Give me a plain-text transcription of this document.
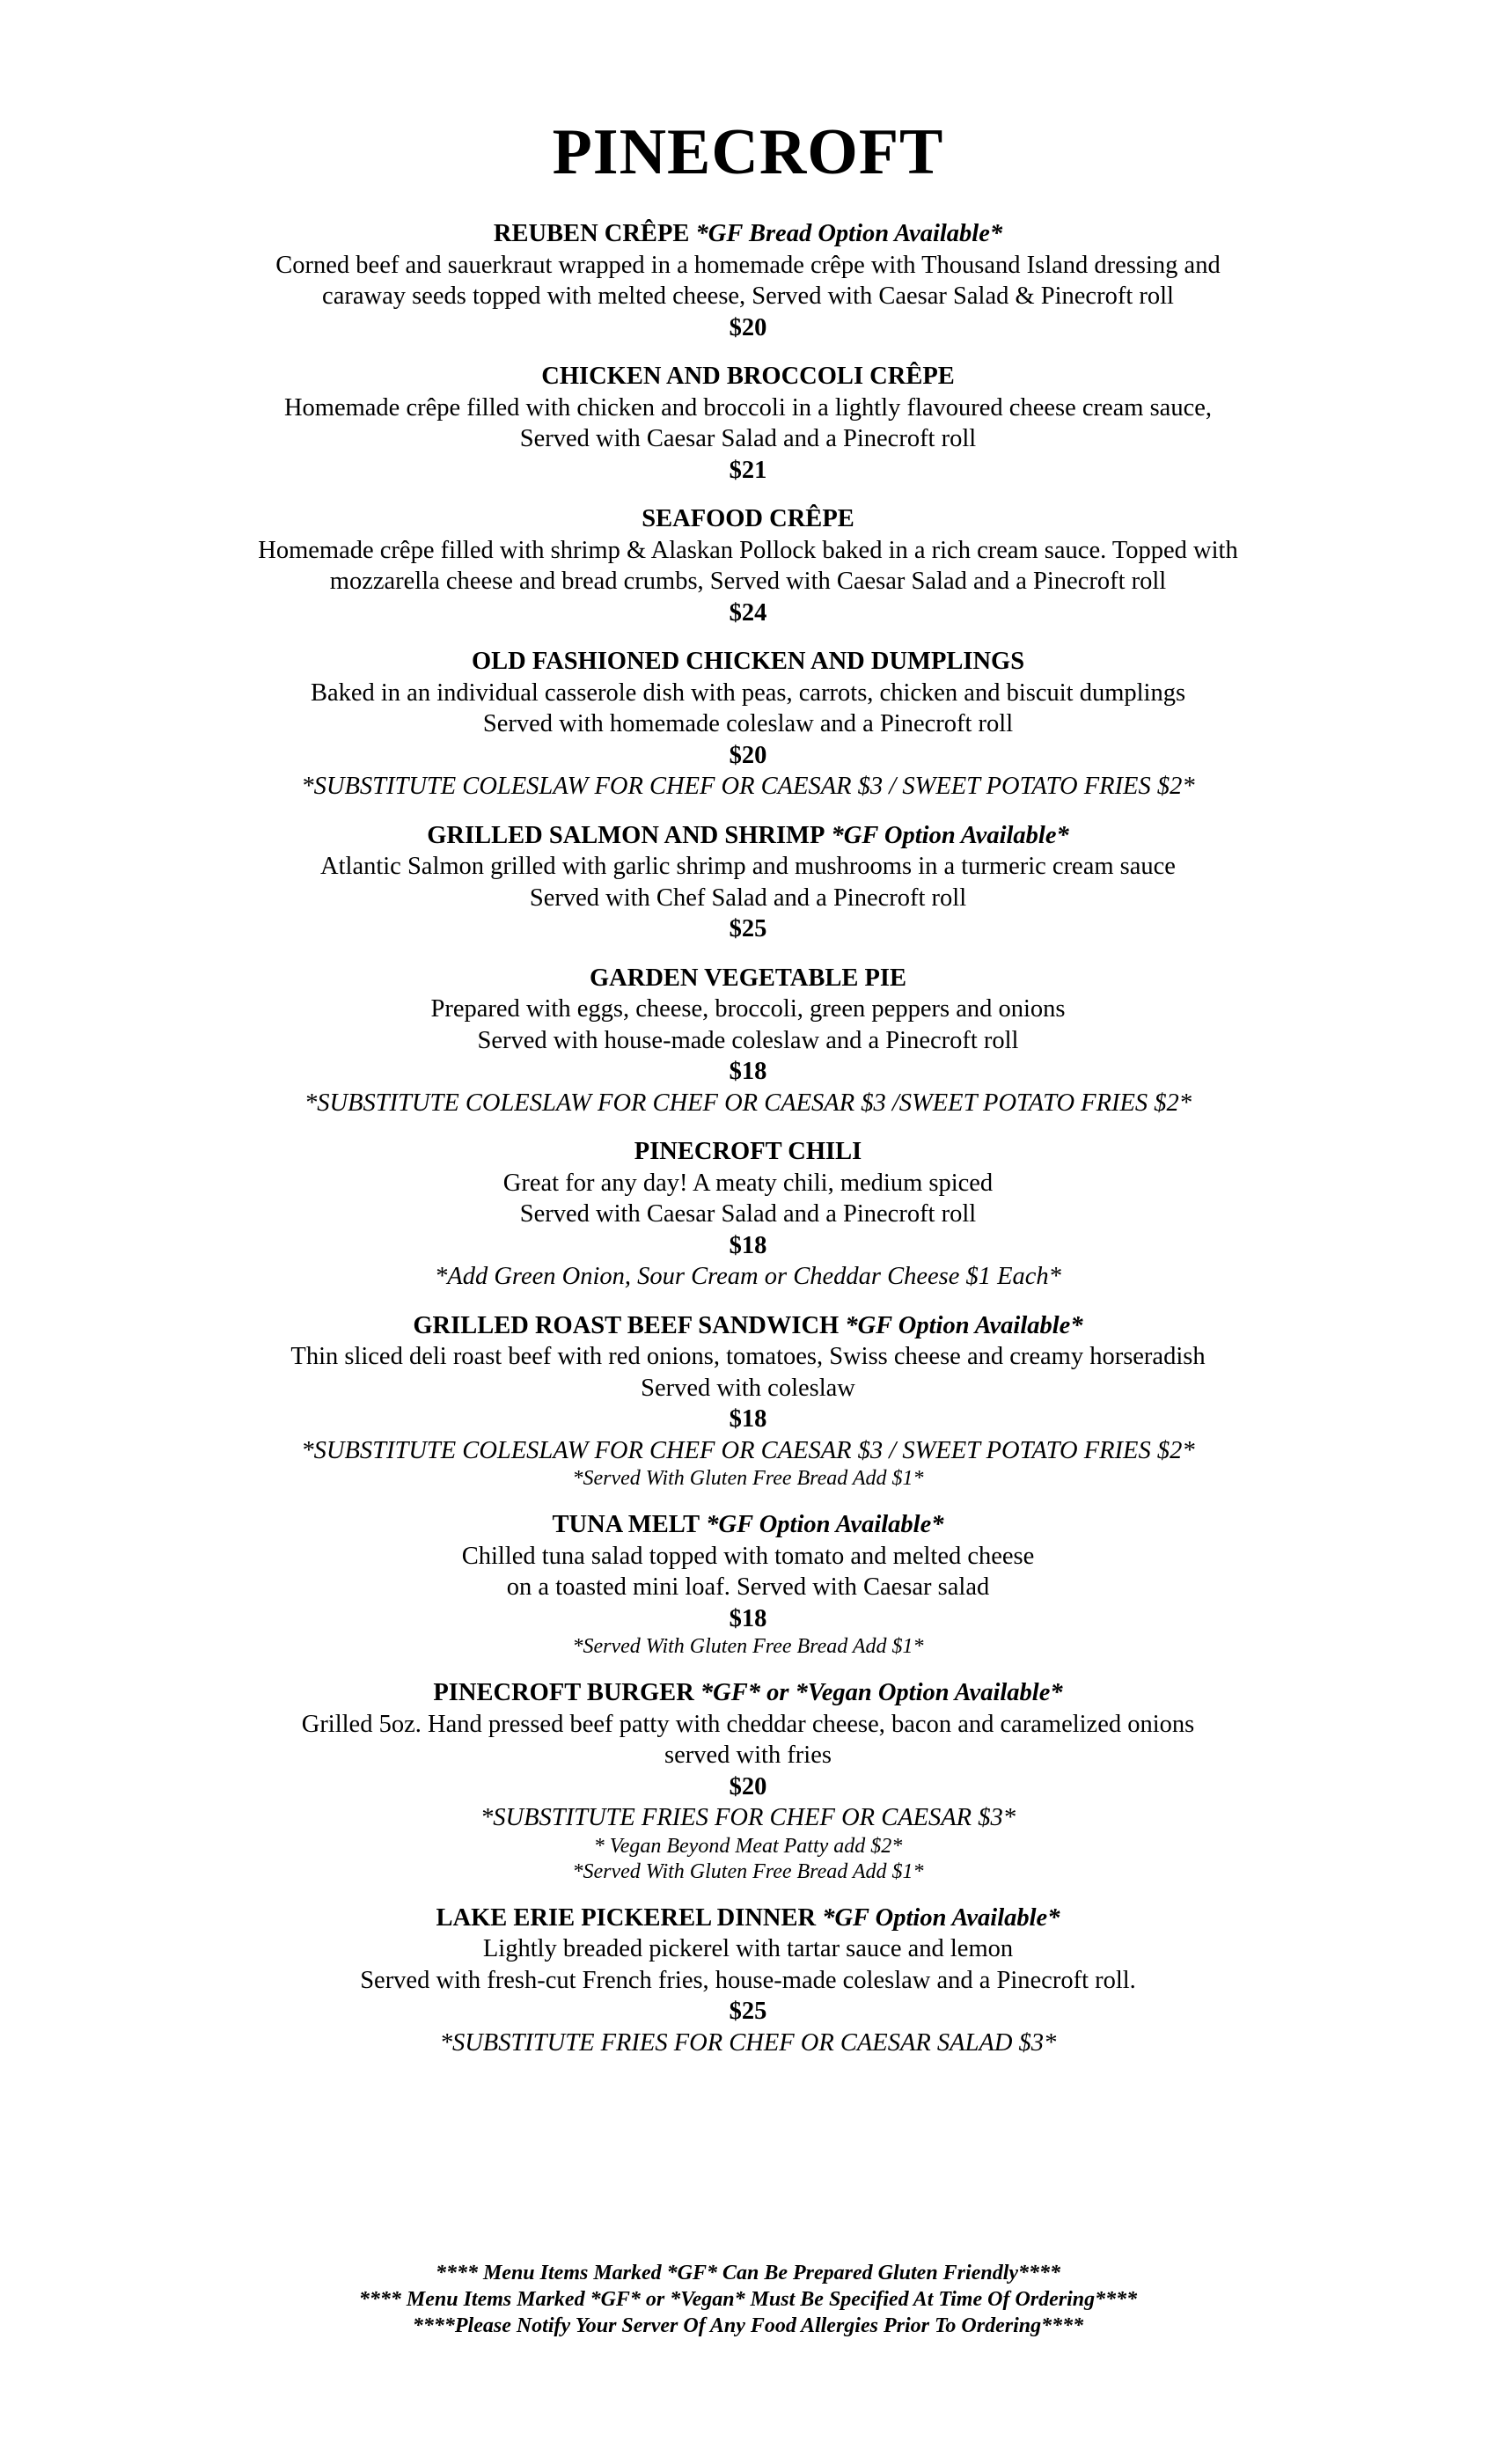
PINECROFT
REUBEN CRÊPE *GF Bread Option Available*
Corned beef and sauerkraut wrapped in a homemade crêpe with Thousand Island dressing and
caraway seeds topped with melted cheese, Served with Caesar Salad & Pinecroft roll
$20
CHICKEN AND BROCCOLI CRÊPE
Homemade crêpe filled with chicken and broccoli in a lightly flavoured cheese cream sauce,
Served with Caesar Salad and a Pinecroft roll
$21
SEAFOOD CRÊPE
Homemade crêpe filled with shrimp & Alaskan Pollock baked in a rich cream sauce. Topped with
mozzarella cheese and bread crumbs, Served with Caesar Salad and a Pinecroft roll
$24
OLD FASHIONED CHICKEN AND DUMPLINGS
Baked in an individual casserole dish with peas, carrots, chicken and biscuit dumplings
Served with homemade coleslaw and a Pinecroft roll
$20
*SUBSTITUTE COLESLAW FOR CHEF OR CAESAR $3 / SWEET POTATO FRIES $2*
GRILLED SALMON AND SHRIMP *GF Option Available*
Atlantic Salmon grilled with garlic shrimp and mushrooms in a turmeric cream sauce
Served with Chef Salad and a Pinecroft roll
$25
GARDEN VEGETABLE PIE
Prepared with eggs, cheese, broccoli, green peppers and onions
Served with house-made coleslaw and a Pinecroft roll
$18
*SUBSTITUTE COLESLAW FOR CHEF OR CAESAR $3 /SWEET POTATO FRIES $2*
PINECROFT CHILI
Great for any day! A meaty chili, medium spiced
Served with Caesar Salad and a Pinecroft roll
$18
*Add Green Onion, Sour Cream or Cheddar Cheese $1 Each*
GRILLED ROAST BEEF SANDWICH *GF Option Available*
Thin sliced deli roast beef with red onions, tomatoes, Swiss cheese and creamy horseradish
Served with coleslaw
$18
*SUBSTITUTE COLESLAW FOR CHEF OR CAESAR $3 / SWEET POTATO FRIES $2*
*Served With Gluten Free Bread Add $1*
TUNA MELT *GF Option Available*
Chilled tuna salad topped with tomato and melted cheese
on a toasted mini loaf. Served with Caesar salad
$18
*Served With Gluten Free Bread Add $1*
PINECROFT BURGER *GF* or *Vegan Option Available*
Grilled 5oz. Hand pressed beef patty with cheddar cheese, bacon and caramelized onions
served with fries
$20
*SUBSTITUTE FRIES FOR CHEF OR CAESAR $3*
* Vegan Beyond Meat Patty add $2*
*Served With Gluten Free Bread Add $1*
LAKE ERIE PICKEREL DINNER *GF Option Available*
Lightly breaded pickerel with tartar sauce and lemon
Served with fresh-cut French fries, house-made coleslaw and a Pinecroft roll.
$25
*SUBSTITUTE FRIES FOR CHEF OR CAESAR SALAD $3*
**** Menu Items Marked *GF* Can Be Prepared Gluten Friendly****
**** Menu Items Marked *GF* or *Vegan* Must Be Specified At Time Of Ordering****
****Please Notify Your Server Of Any Food Allergies Prior To Ordering****
